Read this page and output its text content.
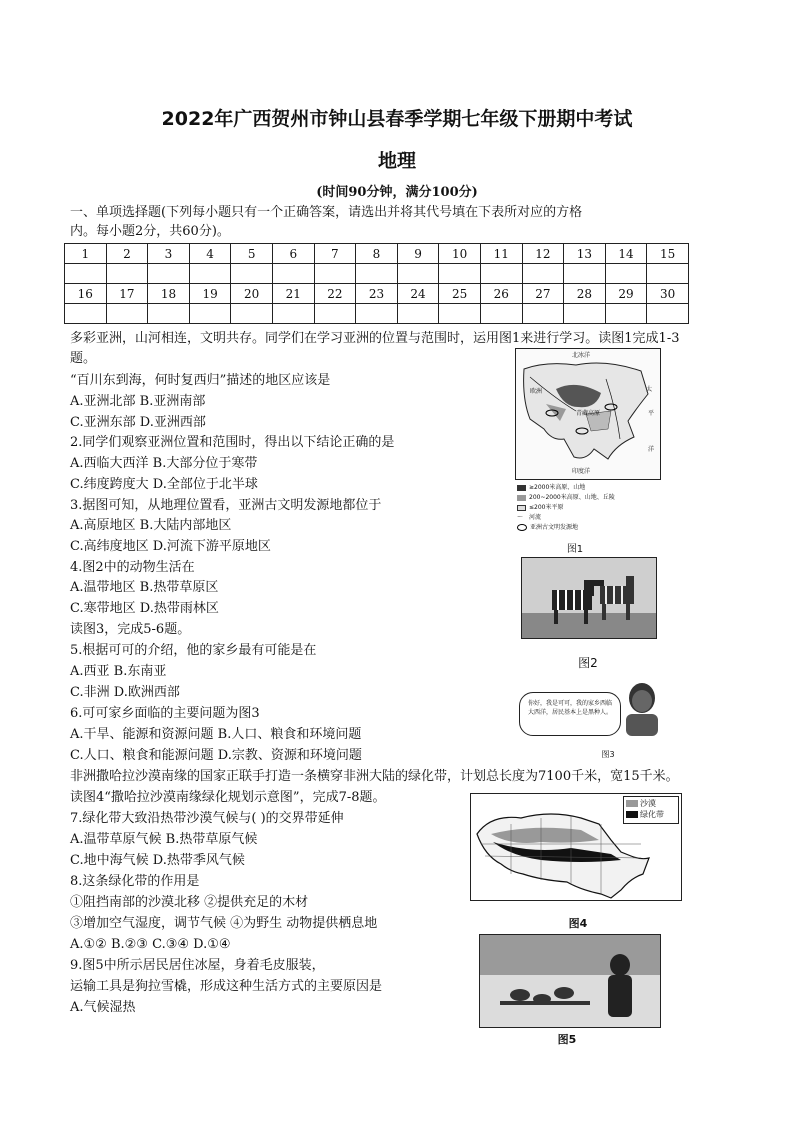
2022年广西贺州市钟山县春季学期七年级下册期中考试
地理
(时间90分钟，满分100分)
一、单项选择题(下列每小题只有一个正确答案，请选出并将其代号填在下表所对应的方格
内。每小题2分，共60分)。
1	2	3	4	5	6	7	8	9	10	11	12	13	14	15

16	17	18	19	20	21	22	23	24	25	26	27	28	29	30

多彩亚洲，山河相连，文明共存。同学们在学习亚洲的位置与范围时，运用图1来进行学习。读图1完成1-3
题。
“百川东到海，何时复西归”描述的地区应该是
A.亚洲北部 B.亚洲南部
C.亚洲东部 D.亚洲西部
2.同学们观察亚洲位置和范围时，得出以下结论正确的是
A.西临大西洋 B.大部分位于寒带
C.纬度跨度大 D.全部位于北半球
3.据图可知，从地理位置看，亚洲古文明发源地都位于
A.高原地区 B.大陆内部地区
C.高纬度地区 D.河流下游平原地区
4.图2中的动物生活在
A.温带地区 B.热带草原区
C.寒带地区 D.热带雨林区
读图3，完成5-6题。
5.根据可可的介绍，他的家乡最有可能是在
A.西亚 B.东南亚
C.非洲 D.欧洲西部
6.可可家乡面临的主要问题为图3
A.干旱、能源和资源问题 B.人口、粮食和环境问题
C.人口、粮食和能源问题 D.宗教、资源和环境问题
非洲撒哈拉沙漠南缘的国家正联手打造一条横穿非洲大陆的绿化带，计划总长度为7100千米，宽15千米。
读图4“撒哈拉沙漠南缘绿化规划示意图”，完成7-8题。
7.绿化带大致沿热带沙漠气候与( )的交界带延伸
A.温带草原气候 B.热带草原气候
C.地中海气候 D.热带季风气候
8.这条绿化带的作用是
①阻挡南部的沙漠北移 ②提供充足的木材
③增加空气湿度，调节气候 ④为野生 动物提供栖息地
A.①② B.②③ C.③④ D.①④
9.图5中所示居民居住冰屋，身着毛皮服装，
运输工具是狗拉雪橇，形成这种生活方式的主要原因是
A.气候湿热
北冰洋
欧洲	太
平
洋
青藏高原
印度洋
≥2000米高原、山地
200~2000米高原、山地、丘陵
≤200米平原
〜 河流
亚洲古文明发源地
图1
图2
你好，我是可可，我的家乡西临大西洋，居民基本上是黑种人。
图3
沙漠
绿化带
图4
图5
